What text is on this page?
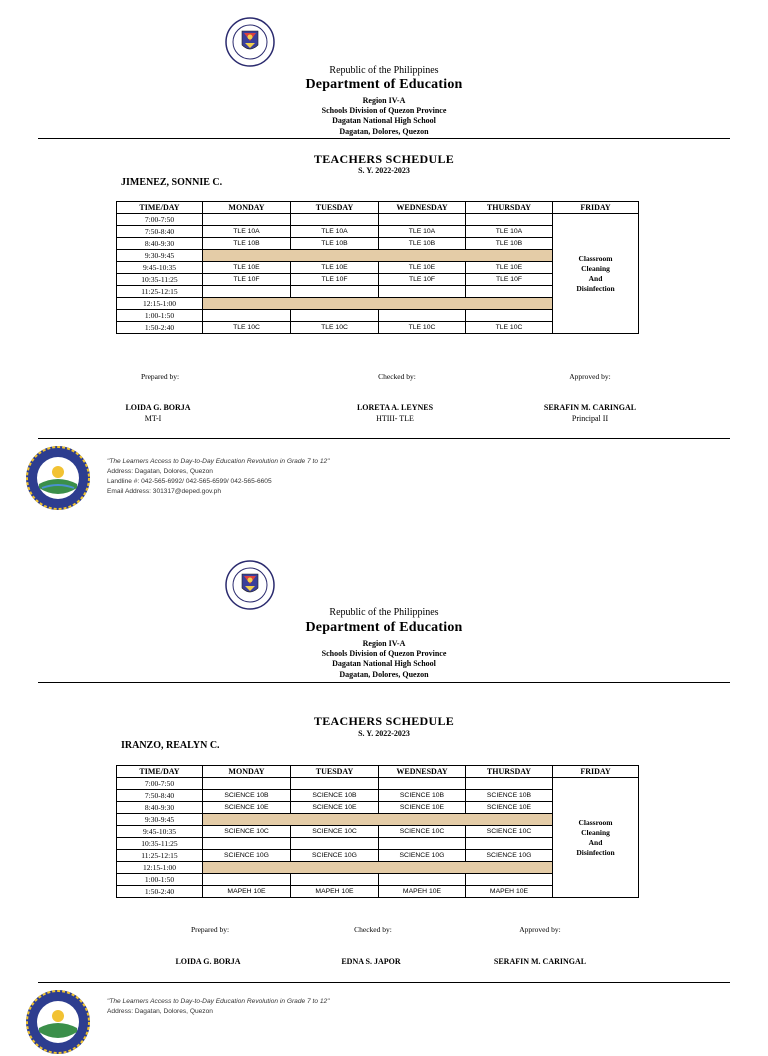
Republic of the Philippines
Department of Education
Region IV-A
Schools Division of Quezon Province
Dagatan National High School
Dagatan, Dolores, Quezon
TEACHERS SCHEDULE
S. Y. 2022-2023
JIMENEZ, SONNIE C.
TIME/DAY	MONDAY	TUESDAY	WEDNESDAY	THURSDAY	FRIDAY
7:00-7:50					Classroom
Cleaning
And
Disinfection

7:50-8:40	TLE 10A	TLE 10A	TLE 10A	TLE 10A	
8:40-9:30	TLE 10B	TLE 10B	TLE 10B	TLE 10B	
9:30-9:45					
9:45-10:35	TLE 10E	TLE 10E	TLE 10E	TLE 10E	
10:35-11:25	TLE 10F	TLE 10F	TLE 10F	TLE 10F	
11:25-12:15					
12:15-1:00					
1:00-1:50					
1:50-2:40	TLE 10C	TLE 10C	TLE 10C	TLE 10C	
Prepared by:	Checked by:	Approved by:
LOIDA G. BORJA
MT-I
LORETA A. LEYNES
HTIII- TLE
SERAFIN M. CARINGAL
Principal II
"The Learners Access to Day-to-Day Education Revolution in Grade 7 to 12"
Address: Dagatan, Dolores, Quezon
Landline #: 042-565-6992/ 042-565-6599/ 042-565-6605
Email Address: 301317@deped.gov.ph
Republic of the Philippines
Department of Education
Region IV-A
Schools Division of Quezon Province
Dagatan National High School
Dagatan, Dolores, Quezon
TEACHERS SCHEDULE
S. Y. 2022-2023
IRANZO, REALYN C.
TIME/DAY	MONDAY	TUESDAY	WEDNESDAY	THURSDAY	FRIDAY
7:00-7:50					Classroom
Cleaning
And
Disinfection

7:50-8:40	SCIENCE 10B	SCIENCE 10B	SCIENCE 10B	SCIENCE 10B	
8:40-9:30	SCIENCE 10E	SCIENCE 10E	SCIENCE 10E	SCIENCE 10E	
9:30-9:45					
9:45-10:35	SCIENCE 10C	SCIENCE 10C	SCIENCE 10C	SCIENCE 10C	
10:35-11:25					
11:25-12:15	SCIENCE 10G	SCIENCE 10G	SCIENCE 10G	SCIENCE 10G	
12:15-1:00					
1:00-1:50					
1:50-2:40	MAPEH 10E	MAPEH 10E	MAPEH 10E	MAPEH 10E	
Prepared by:	Checked by:	Approved by:
LOIDA G. BORJA	EDNA S. JAPOR	SERAFIN M. CARINGAL
"The Learners Access to Day-to-Day Education Revolution in Grade 7 to 12"
Address: Dagatan, Dolores, Quezon
